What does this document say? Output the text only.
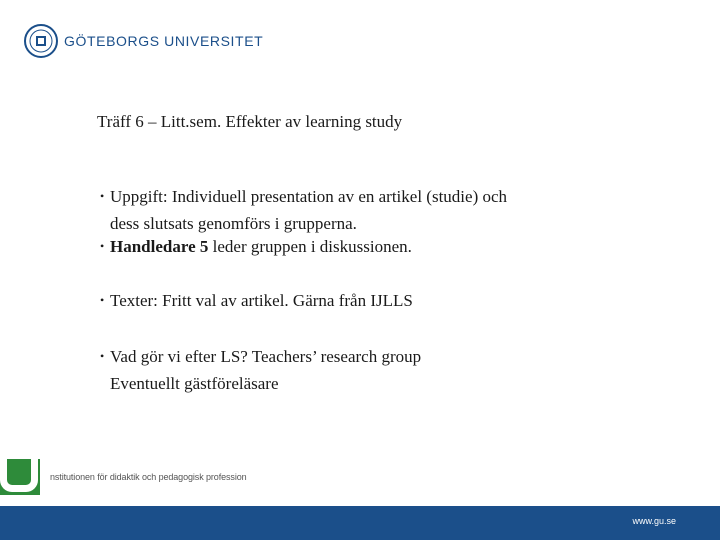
GÖTEBORGS UNIVERSITET
Träff 6 – Litt.sem. Effekter av learning study
• Uppgift: Individuell presentation av en artikel (studie) och
dess slutsats genomförs i grupperna.
• Handledare 5 leder gruppen i diskussionen.
• Texter: Fritt val av artikel. Gärna från IJLLS
• Vad gör vi efter LS? Teachers’ research group
Eventuellt gästföreläsare
nstitutionen för didaktik och pedagogisk profession
www.gu.se
